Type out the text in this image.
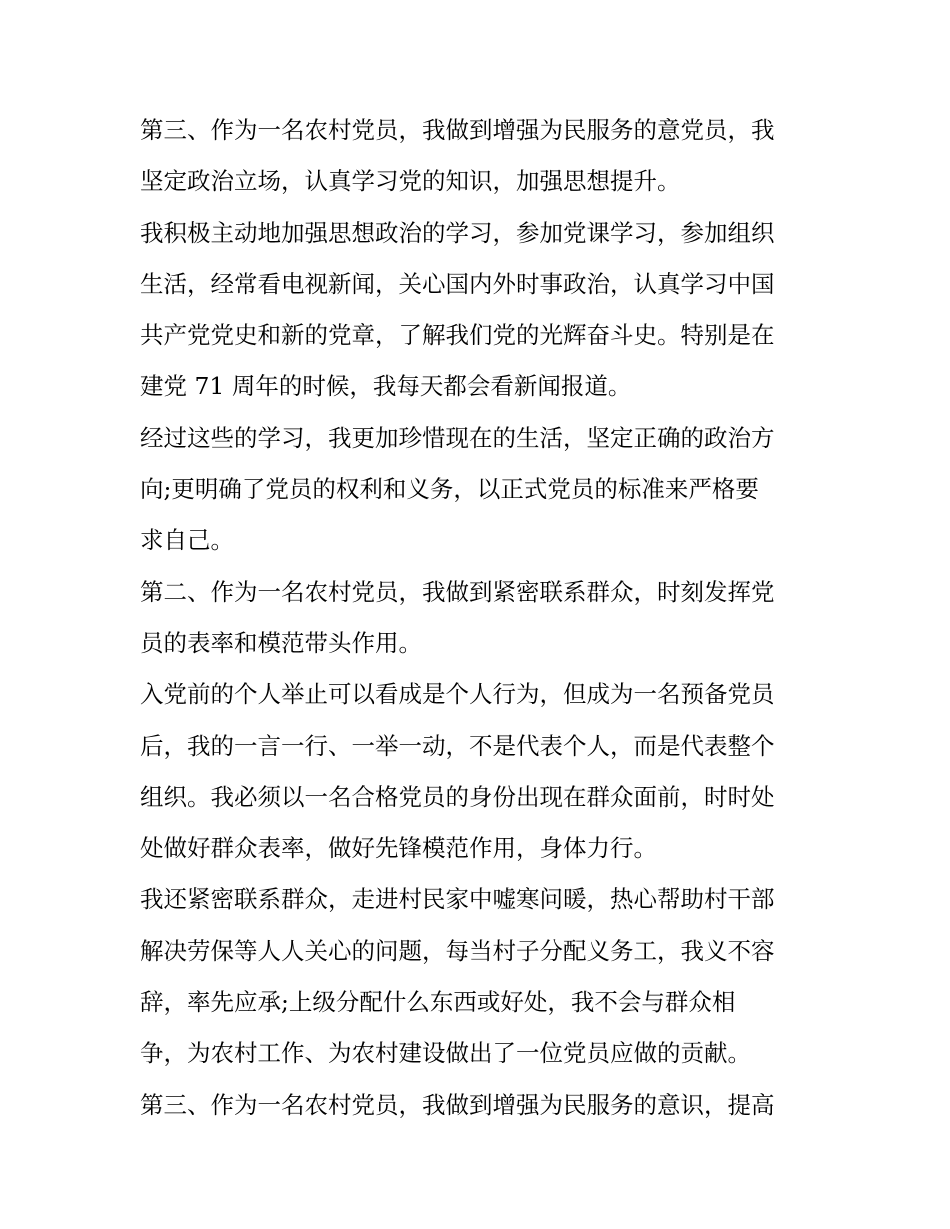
第三、作为一名农村党员，我做到增强为民服务的意党员，我
坚定政治立场，认真学习党的知识，加强思想提升。
我积极主动地加强思想政治的学习，参加党课学习，参加组织
生活，经常看电视新闻，关心国内外时事政治，认真学习中国
共产党党史和新的党章，了解我们党的光辉奋斗史。特别是在
建党 71 周年的时候，我每天都会看新闻报道。
经过这些的学习，我更加珍惜现在的生活，坚定正确的政治方
向;更明确了党员的权利和义务，以正式党员的标准来严格要
求自己。
第二、作为一名农村党员，我做到紧密联系群众，时刻发挥党
员的表率和模范带头作用。
入党前的个人举止可以看成是个人行为，但成为一名预备党员
后，我的一言一行、一举一动，不是代表个人，而是代表整个
组织。我必须以一名合格党员的身份出现在群众面前，时时处
处做好群众表率，做好先锋模范作用，身体力行。
我还紧密联系群众，走进村民家中嘘寒问暖，热心帮助村干部
解决劳保等人人关心的问题，每当村子分配义务工，我义不容
辞，率先应承;上级分配什么东西或好处，我不会与群众相
争，为农村工作、为农村建设做出了一位党员应做的贡献。
第三、作为一名农村党员，我做到增强为民服务的意识，提高
